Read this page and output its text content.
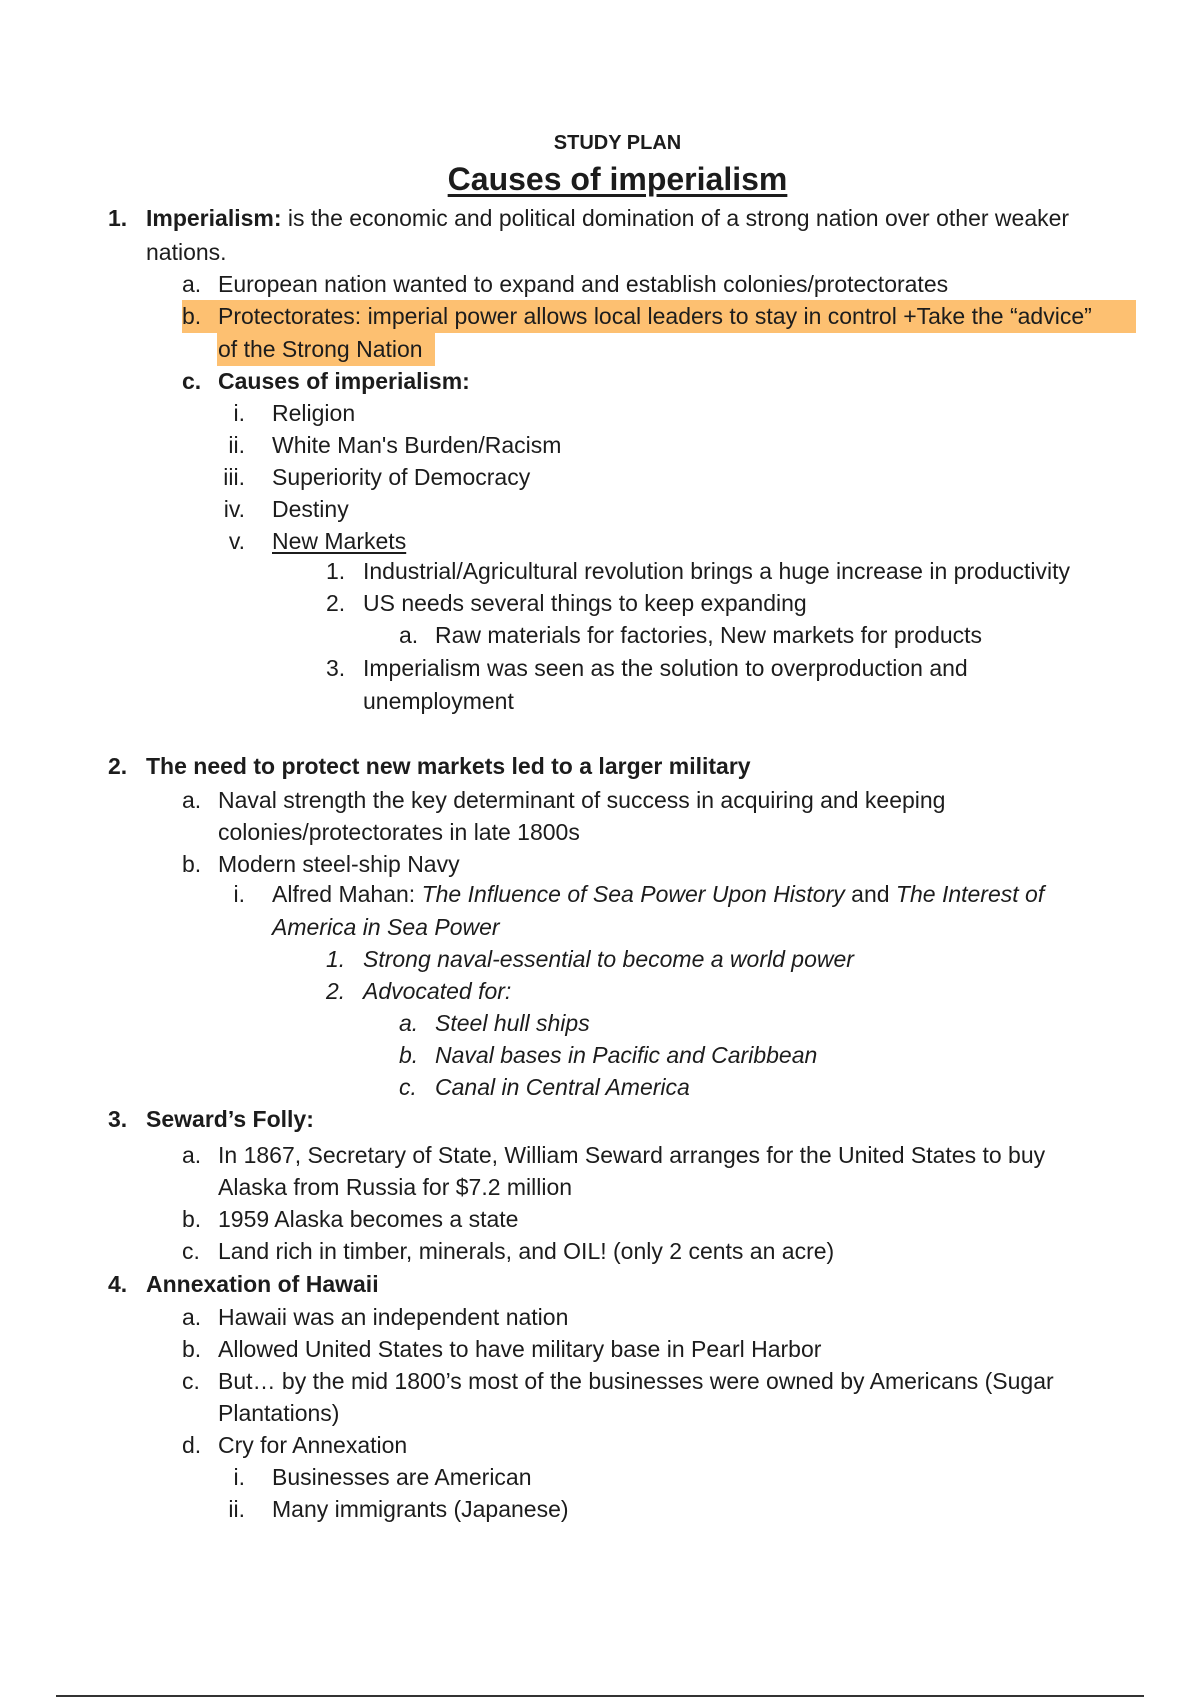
STUDY PLAN
Causes of imperialism
1. Imperialism: is the economic and political domination of a strong nation over other weaker
nations.
a. European nation wanted to expand and establish colonies/protectorates
b. Protectorates: imperial power allows local leaders to stay in control +Take the “advice”
of the Strong Nation
c. Causes of imperialism:
i. Religion
ii. White Man's Burden/Racism
iii. Superiority of Democracy
iv. Destiny
v. New Markets
1. Industrial/Agricultural revolution brings a huge increase in productivity
2. US needs several things to keep expanding
a. Raw materials for factories, New markets for products
3. Imperialism was seen as the solution to overproduction and
unemployment
2. The need to protect new markets led to a larger military
a. Naval strength the key determinant of success in acquiring and keeping
colonies/protectorates in late 1800s
b. Modern steel-ship Navy
i. Alfred Mahan: The Influence of Sea Power Upon History and The Interest of
America in Sea Power
1. Strong naval-essential to become a world power
2. Advocated for:
a. Steel hull ships
b. Naval bases in Pacific and Caribbean
c. Canal in Central America
3. Seward’s Folly:
a. In 1867, Secretary of State, William Seward arranges for the United States to buy
Alaska from Russia for $7.2 million
b. 1959 Alaska becomes a state
c. Land rich in timber, minerals, and OIL! (only 2 cents an acre)
4. Annexation of Hawaii
a. Hawaii was an independent nation
b. Allowed United States to have military base in Pearl Harbor
c. But… by the mid 1800’s most of the businesses were owned by Americans (Sugar
Plantations)
d. Cry for Annexation
i. Businesses are American
ii. Many immigrants (Japanese)
